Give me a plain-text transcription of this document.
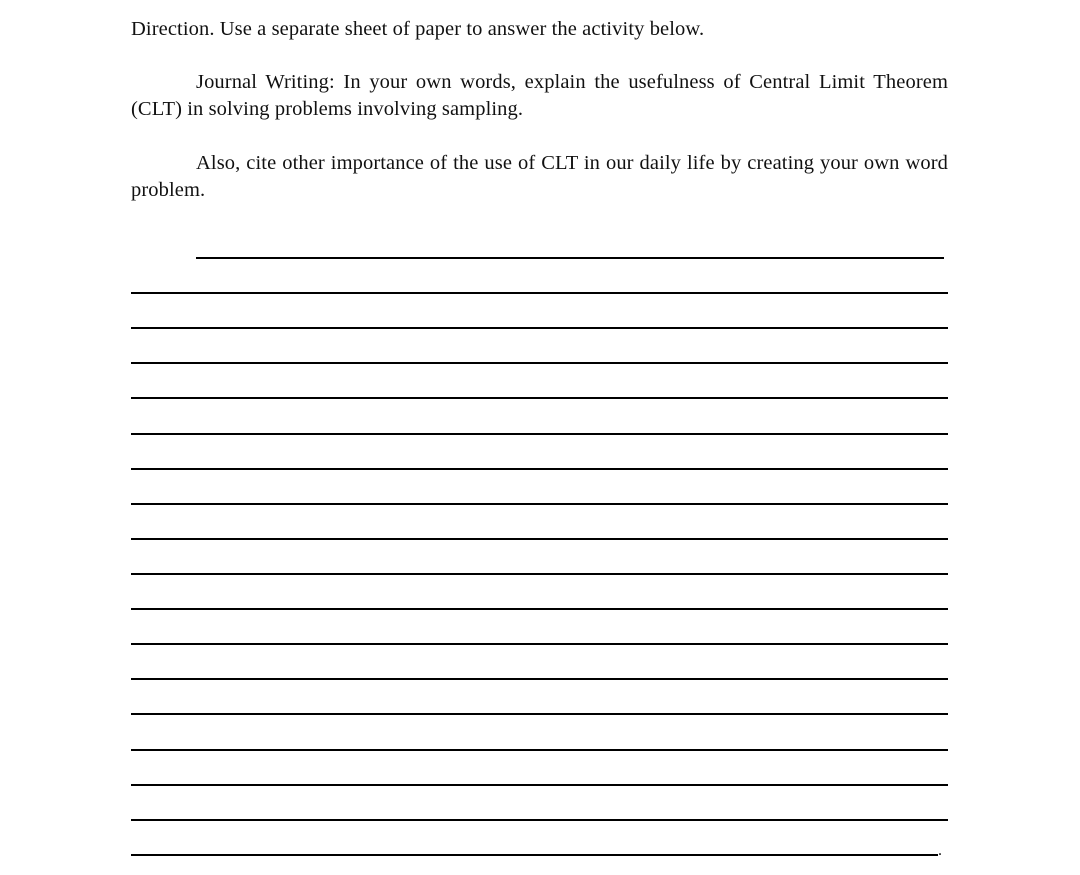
Direction. Use a separate sheet of paper to answer the activity below.

Journal Writing: In your own words, explain the usefulness of Central Limit Theorem (CLT) in solving problems involving sampling.

Also, cite other importance of the use of CLT in our daily life by creating your own word problem.

.
